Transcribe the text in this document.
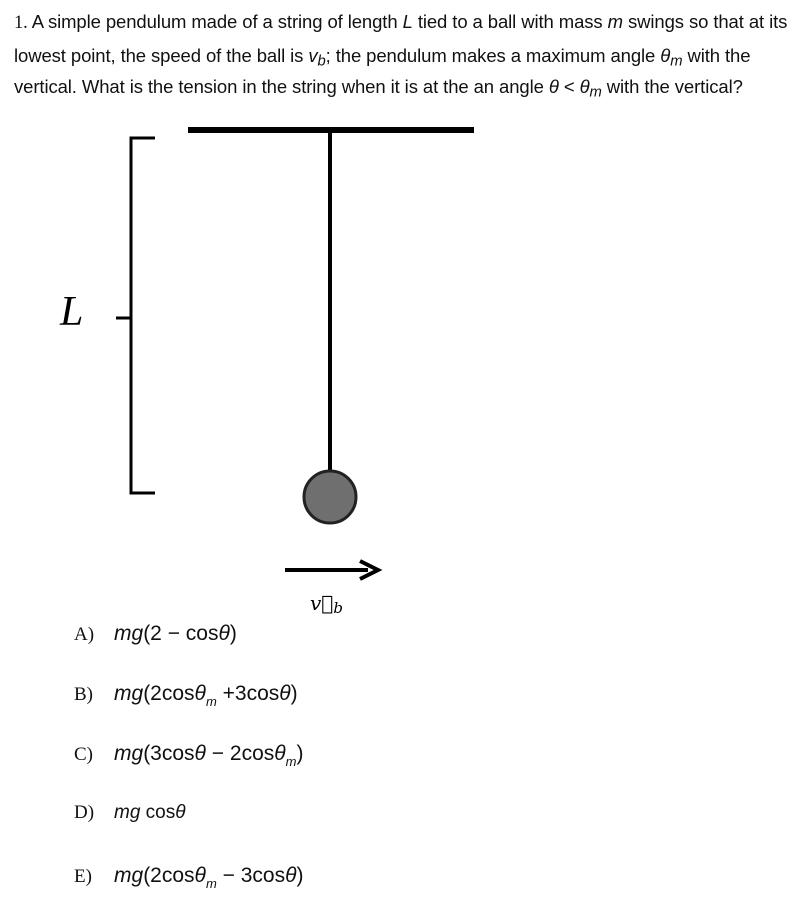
1. A simple pendulum made of a string of length L tied to a ball with mass m swings so that at its lowest point, the speed of the ball is $v_b$; the pendulum makes a maximum angle $\theta_m$ with the vertical. What is the tension in the string when it is at the an angle $\theta < \theta_m$ with the vertical?
L
v⃗b
A) mg(2 − cosθ)
B)	mg(2cosθ$_m$ +3cosθ)
C)	mg(3cosθ − 2cosθ$_m$)
D)	mg cosθ
E)	mg(2cosθ$_m$ − 3cosθ)
